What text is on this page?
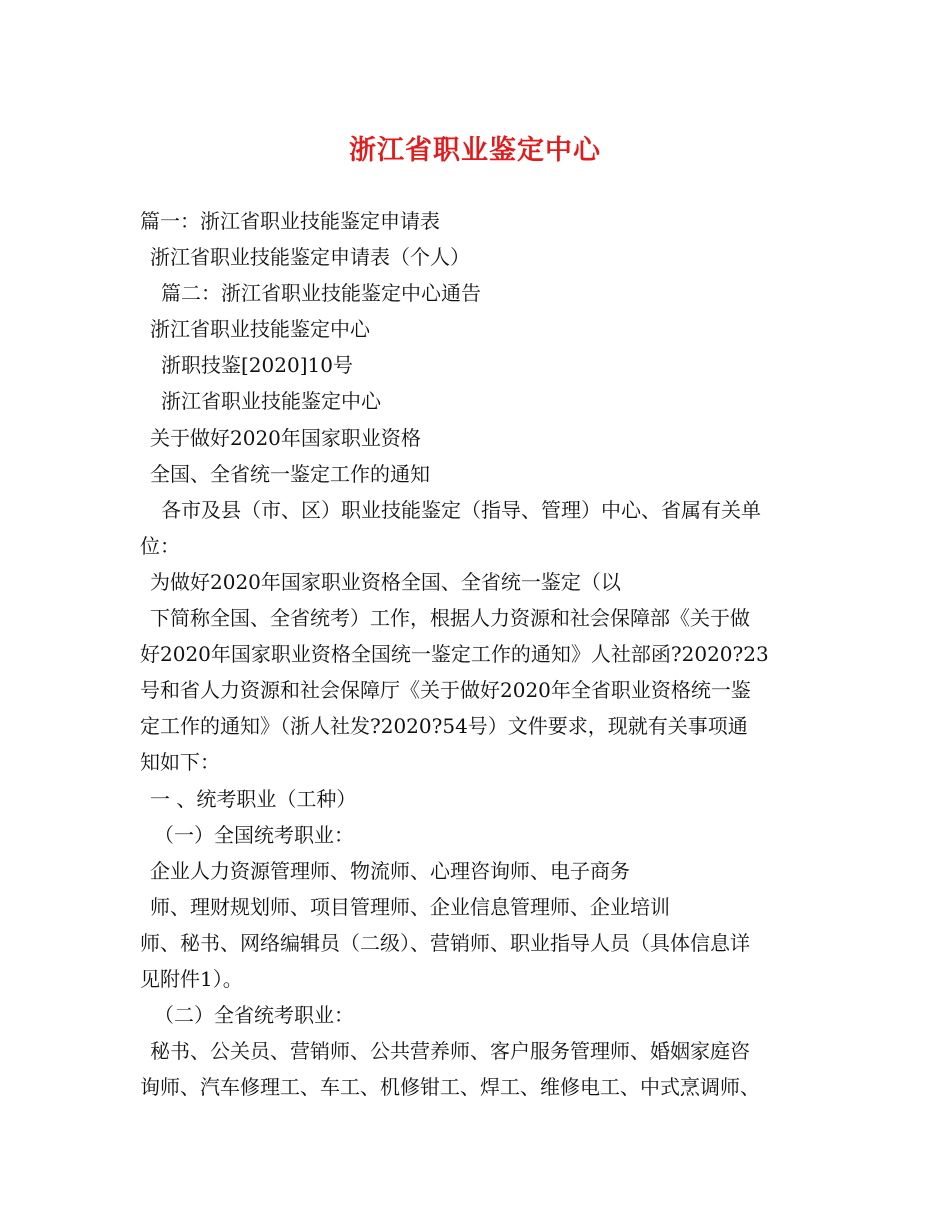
浙江省职业鉴定中心
篇一：浙江省职业技能鉴定申请表
浙江省职业技能鉴定申请表（个人）
篇二：浙江省职业技能鉴定中心通告
浙江省职业技能鉴定中心
浙职技鉴[2020]10号
浙江省职业技能鉴定中心
关于做好2020年国家职业资格
全国、全省统一鉴定工作的通知
各市及县（市、区）职业技能鉴定（指导、管理）中心、省属有关单
位：
为做好2020年国家职业资格全国、全省统一鉴定（以
下简称全国、全省统考）工作，根据人力资源和社会保障部《关于做
好2020年国家职业资格全国统一鉴定工作的通知》人社部函?2020?23
号和省人力资源和社会保障厅《关于做好2020年全省职业资格统一鉴
定工作的通知》（浙人社发?2020?54号）文件要求，现就有关事项通
知如下：
一 、统考职业（工种）
（一）全国统考职业：
企业人力资源管理师、物流师、心理咨询师、电子商务
师、理财规划师、项目管理师、企业信息管理师、企业培训
师、秘书、网络编辑员（二级）、营销师、职业指导人员（具体信息详
见附件1）。
（二）全省统考职业：
秘书、公关员、营销师、公共营养师、客户服务管理师、婚姻家庭咨
询师、汽车修理工、车工、机修钳工、焊工、维修电工、中式烹调师、
